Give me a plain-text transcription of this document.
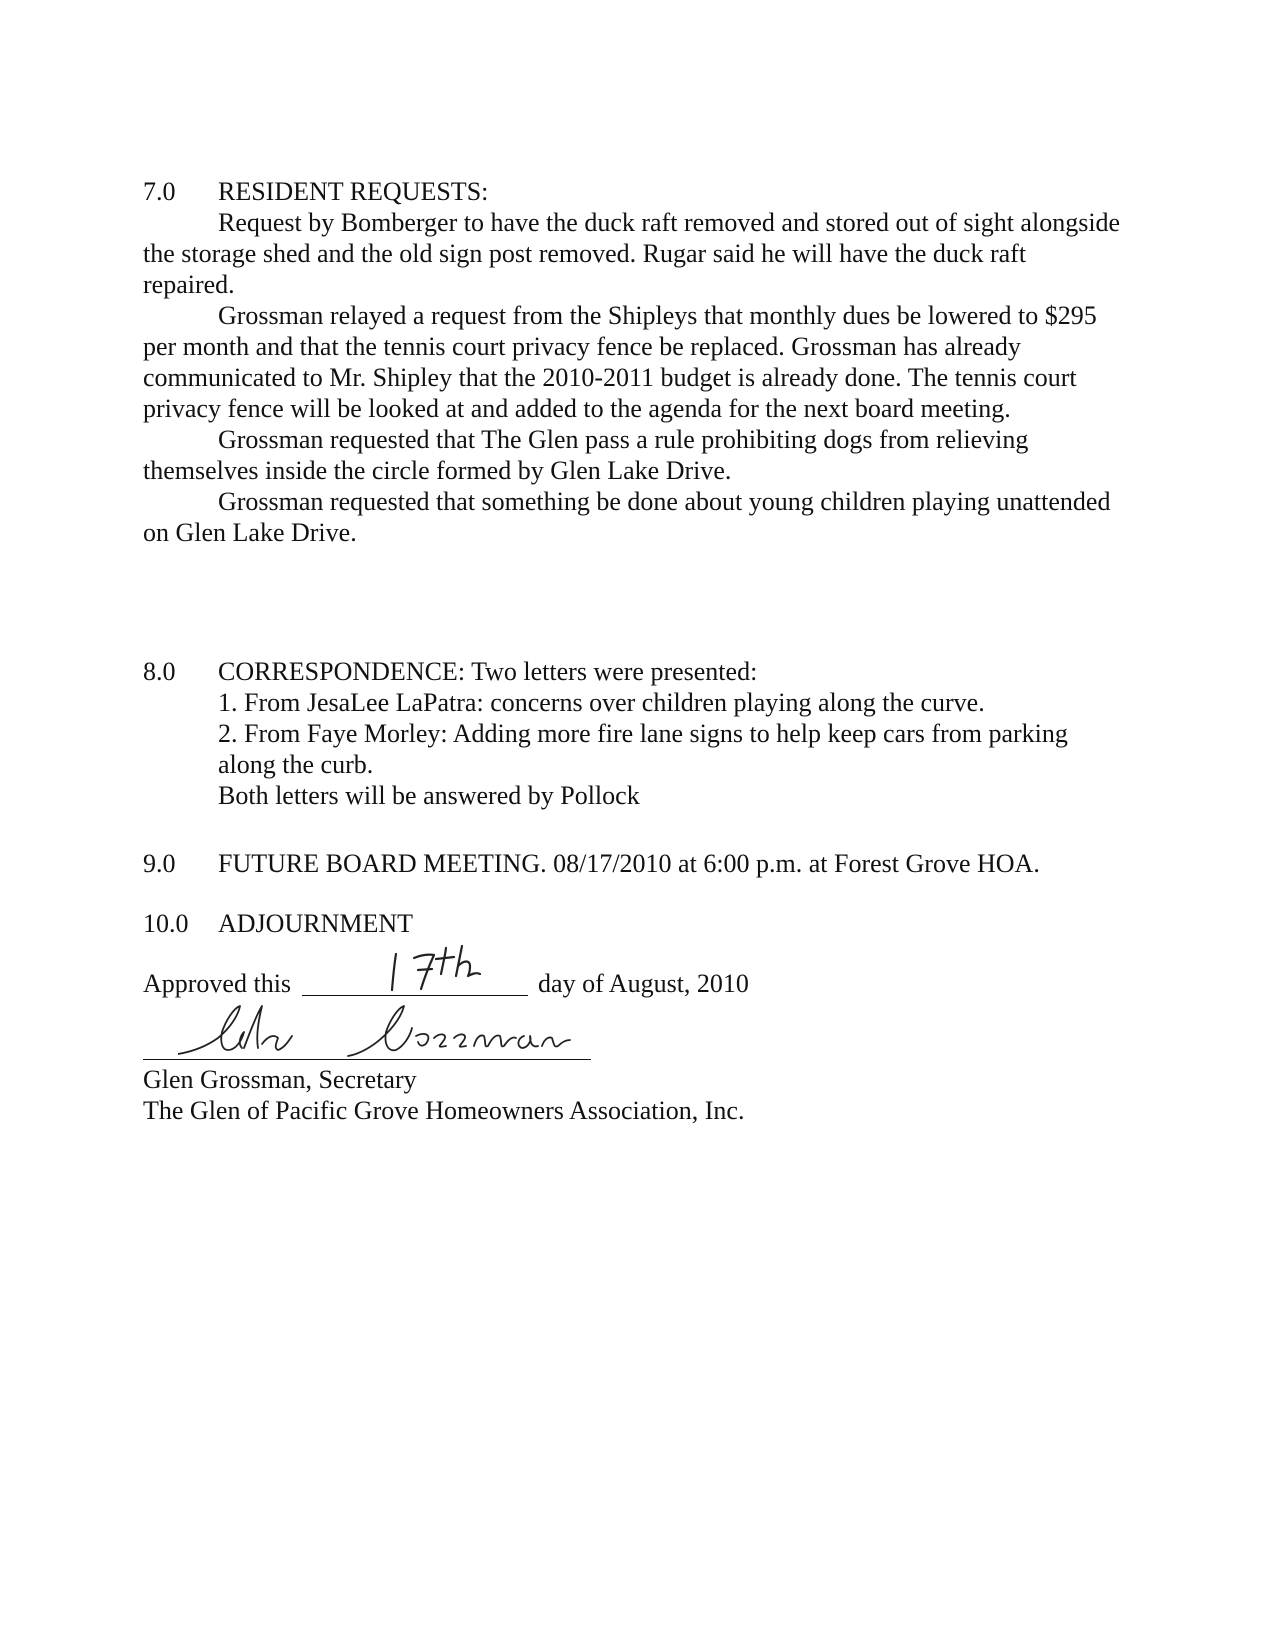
7.0 RESIDENT REQUESTS:

Request by Bomberger to have the duck raft removed and stored out of sight alongside the storage shed and the old sign post removed. Rugar said he will have the duck raft repaired.

Grossman relayed a request from the Shipleys that monthly dues be lowered to $295 per month and that the tennis court privacy fence be replaced. Grossman has already communicated to Mr. Shipley that the 2010-2011 budget is already done. The tennis court privacy fence will be looked at and added to the agenda for the next board meeting.

Grossman requested that The Glen pass a rule prohibiting dogs from relieving themselves inside the circle formed by Glen Lake Drive.

Grossman requested that something be done about young children playing unattended on Glen Lake Drive.

8.0 CORRESPONDENCE: Two letters were presented:

1. From JesaLee LaPatra: concerns over children playing along the curve.

2. From Faye Morley: Adding more fire lane signs to help keep cars from parking along the curb.

Both letters will be answered by Pollock

9.0 FUTURE BOARD MEETING. 08/17/2010 at 6:00 p.m. at Forest Grove HOA.
10.0 ADJOURNMENT
Approved this	day of August, 2010
Glen Grossman, Secretary
The Glen of Pacific Grove Homeowners Association, Inc.
